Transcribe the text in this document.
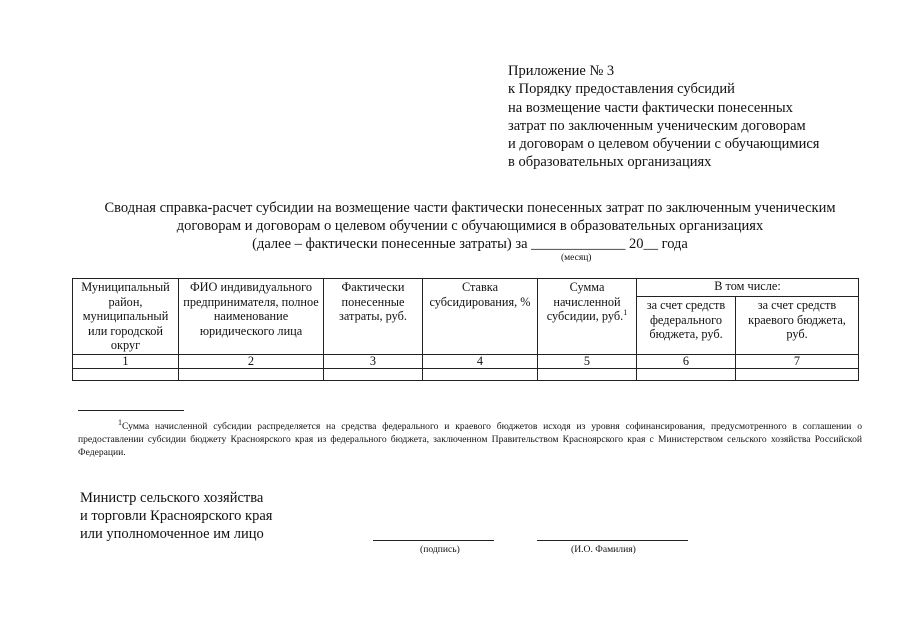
Приложение № 3
к Порядку предоставления субсидий
на возмещение части фактически понесенных
затрат по заключенным ученическим договорам
и договорам о целевом обучении с обучающимися
в образовательных организациях
Сводная справка-расчет субсидии на возмещение части фактически понесенных затрат по заключенным ученическим
договорам и договорам о целевом обучении с обучающимися в образовательных организациях
(далее – фактически понесенные затраты) за _____________ 20__ года
(месяц)
Муниципальный район, муниципальный или городской округ	ФИО индивидуального предпринимателя, полное наименование юридического лица	Фактически понесенные затраты, руб.	Ставка субсидирования, %	Сумма начисленной субсидии, руб.$^1$	В том числе:	
					за счет средств федерального бюджета, руб.	за счет средств краевого бюджета, руб.
1	2	3	4	5	6	7

$^1$Сумма начисленной субсидии распределяется на средства федерального и краевого бюджетов исходя из уровня софинансирования, предусмотренного в соглашении о предоставлении субсидии бюджету Красноярского края из федерального бюджета, заключенном Правительством Красноярского края с Министерством сельского хозяйства Российской Федерации.

Министр сельского хозяйства
и торговли Красноярского края
или уполномоченное им лицо
(подпись)	(И.О. Фамилия)
